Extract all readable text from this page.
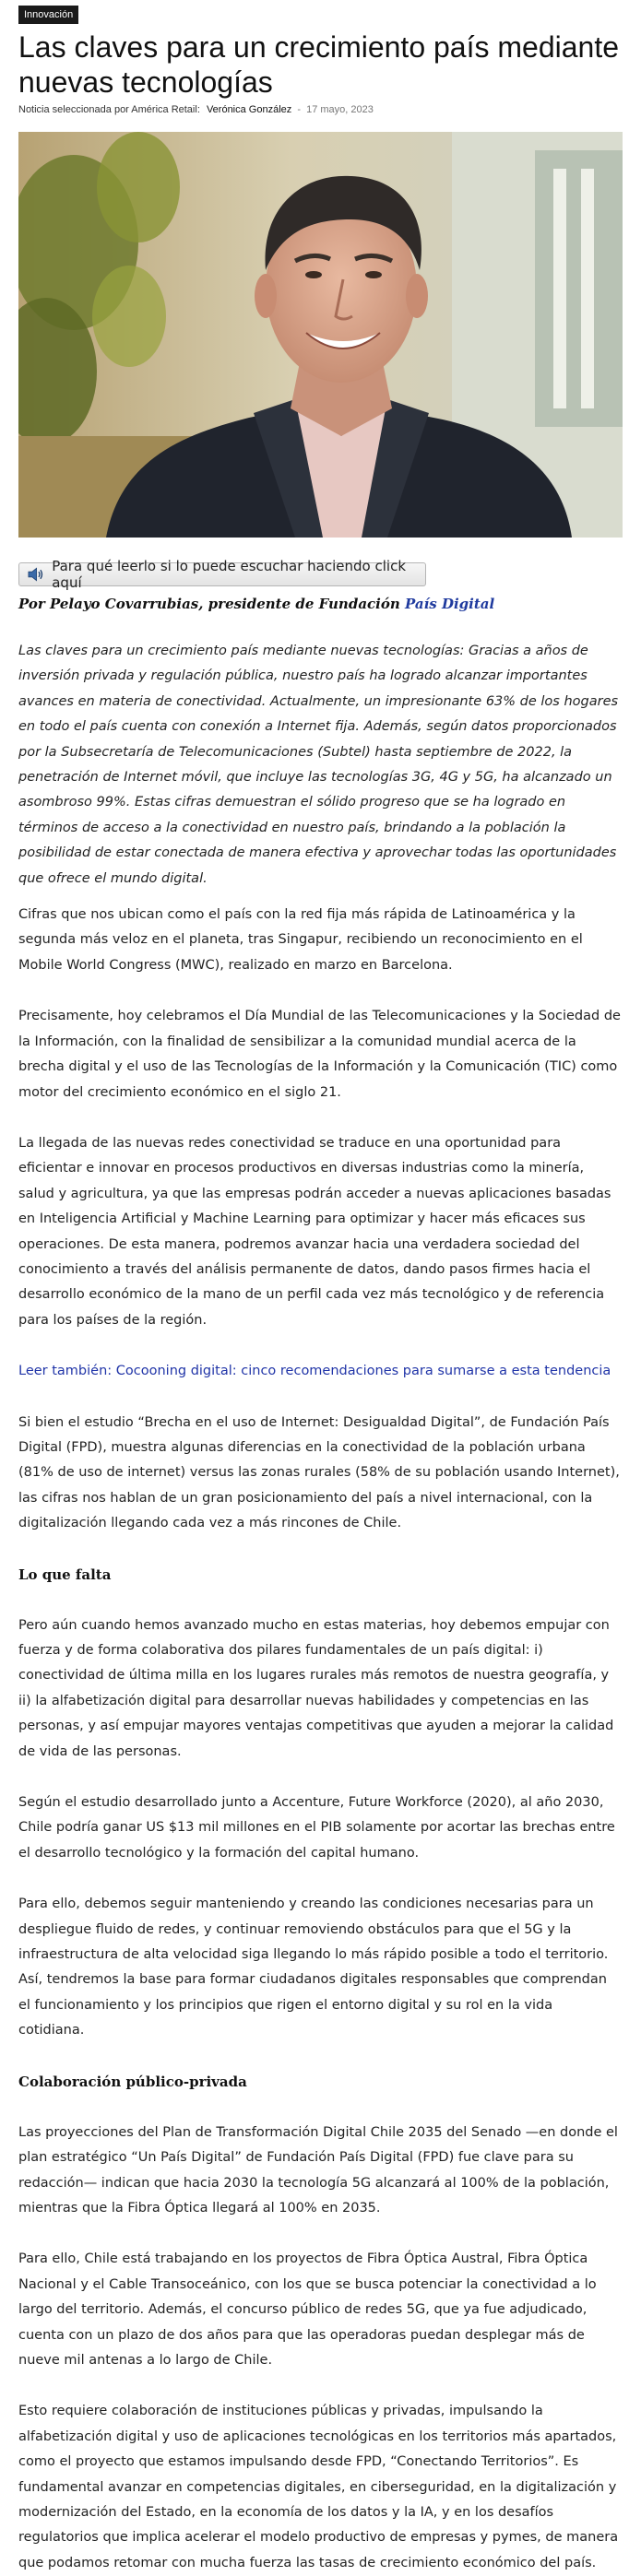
Innovación
Las claves para un crecimiento país mediante nuevas tecnologías
Noticia seleccionada por América Retail: Verónica González - 17 mayo, 2023
Para qué leerlo si lo puede escuchar haciendo click aquí
Por Pelayo Covarrubias, presidente de Fundación País Digital

Las claves para un crecimiento país mediante nuevas tecnologías: Gracias a años de inversión privada y regulación pública, nuestro país ha logrado alcanzar importantes avances en materia de conectividad. Actualmente, un impresionante 63% de los hogares en todo el país cuenta con conexión a Internet fija. Además, según datos proporcionados por la Subsecretaría de Telecomunicaciones (Subtel) hasta septiembre de 2022, la penetración de Internet móvil, que incluye las tecnologías 3G, 4G y 5G, ha alcanzado un asombroso 99%. Estas cifras demuestran el sólido progreso que se ha logrado en términos de acceso a la conectividad en nuestro país, brindando a la población la posibilidad de estar conectada de manera efectiva y aprovechar todas las oportunidades que ofrece el mundo digital.

Cifras que nos ubican como el país con la red fija más rápida de Latinoamérica y la segunda más veloz en el planeta, tras Singapur, recibiendo un reconocimiento en el Mobile World Congress (MWC), realizado en marzo en Barcelona.

Precisamente, hoy celebramos el Día Mundial de las Telecomunicaciones y la Sociedad de la Información, con la finalidad de sensibilizar a la comunidad mundial acerca de la brecha digital y el uso de las Tecnologías de la Información y la Comunicación (TIC) como motor del crecimiento económico en el siglo 21.

La llegada de las nuevas redes conectividad se traduce en una oportunidad para eficientar e innovar en procesos productivos en diversas industrias como la minería, salud y agricultura, ya que las empresas podrán acceder a nuevas aplicaciones basadas en Inteligencia Artificial y Machine Learning para optimizar y hacer más eficaces sus operaciones. De esta manera, podremos avanzar hacia una verdadera sociedad del conocimiento a través del análisis permanente de datos, dando pasos firmes hacia el desarrollo económico de la mano de un perfil cada vez más tecnológico y de referencia para los países de la región.

Leer también: Cocooning digital: cinco recomendaciones para sumarse a esta tendencia

Si bien el estudio “Brecha en el uso de Internet: Desigualdad Digital”, de Fundación País Digital (FPD), muestra algunas diferencias en la conectividad de la población urbana (81% de uso de internet) versus las zonas rurales (58% de su población usando Internet), las cifras nos hablan de un gran posicionamiento del país a nivel internacional, con la digitalización llegando cada vez a más rincones de Chile.

Lo que falta

Pero aún cuando hemos avanzado mucho en estas materias, hoy debemos empujar con fuerza y de forma colaborativa dos pilares fundamentales de un país digital: i) conectividad de última milla en los lugares rurales más remotos de nuestra geografía, y ii) la alfabetización digital para desarrollar nuevas habilidades y competencias en las personas, y así empujar mayores ventajas competitivas que ayuden a mejorar la calidad de vida de las personas.

Según el estudio desarrollado junto a Accenture, Future Workforce (2020), al año 2030, Chile podría ganar US $13 mil millones en el PIB solamente por acortar las brechas entre el desarrollo tecnológico y la formación del capital humano.

Para ello, debemos seguir manteniendo y creando las condiciones necesarias para un despliegue fluido de redes, y continuar removiendo obstáculos para que el 5G y la infraestructura de alta velocidad siga llegando lo más rápido posible a todo el territorio. Así, tendremos la base para formar ciudadanos digitales responsables que comprendan el funcionamiento y los principios que rigen el entorno digital y su rol en la vida cotidiana.

Colaboración público-privada

Las proyecciones del Plan de Transformación Digital Chile 2035 del Senado —en donde el plan estratégico “Un País Digital” de Fundación País Digital (FPD) fue clave para su redacción— indican que hacia 2030 la tecnología 5G alcanzará al 100% de la población, mientras que la Fibra Óptica llegará al 100% en 2035.

Para ello, Chile está trabajando en los proyectos de Fibra Óptica Austral, Fibra Óptica Nacional y el Cable Transoceánico, con los que se busca potenciar la conectividad a lo largo del territorio. Además, el concurso público de redes 5G, que ya fue adjudicado, cuenta con un plazo de dos años para que las operadoras puedan desplegar más de nueve mil antenas a lo largo de Chile.

Esto requiere colaboración de instituciones públicas y privadas, impulsando la alfabetización digital y uso de aplicaciones tecnológicas en los territorios más apartados, como el proyecto que estamos impulsando desde FPD, “Conectando Territorios”. Es fundamental avanzar en competencias digitales, en ciberseguridad, en la digitalización y modernización del Estado, en la economía de los datos y la IA, y en los desafíos regulatorios que implica acelerar el modelo productivo de empresas y pymes, de manera que podamos retomar con mucha fuerza las tasas de crecimiento económico del país.
